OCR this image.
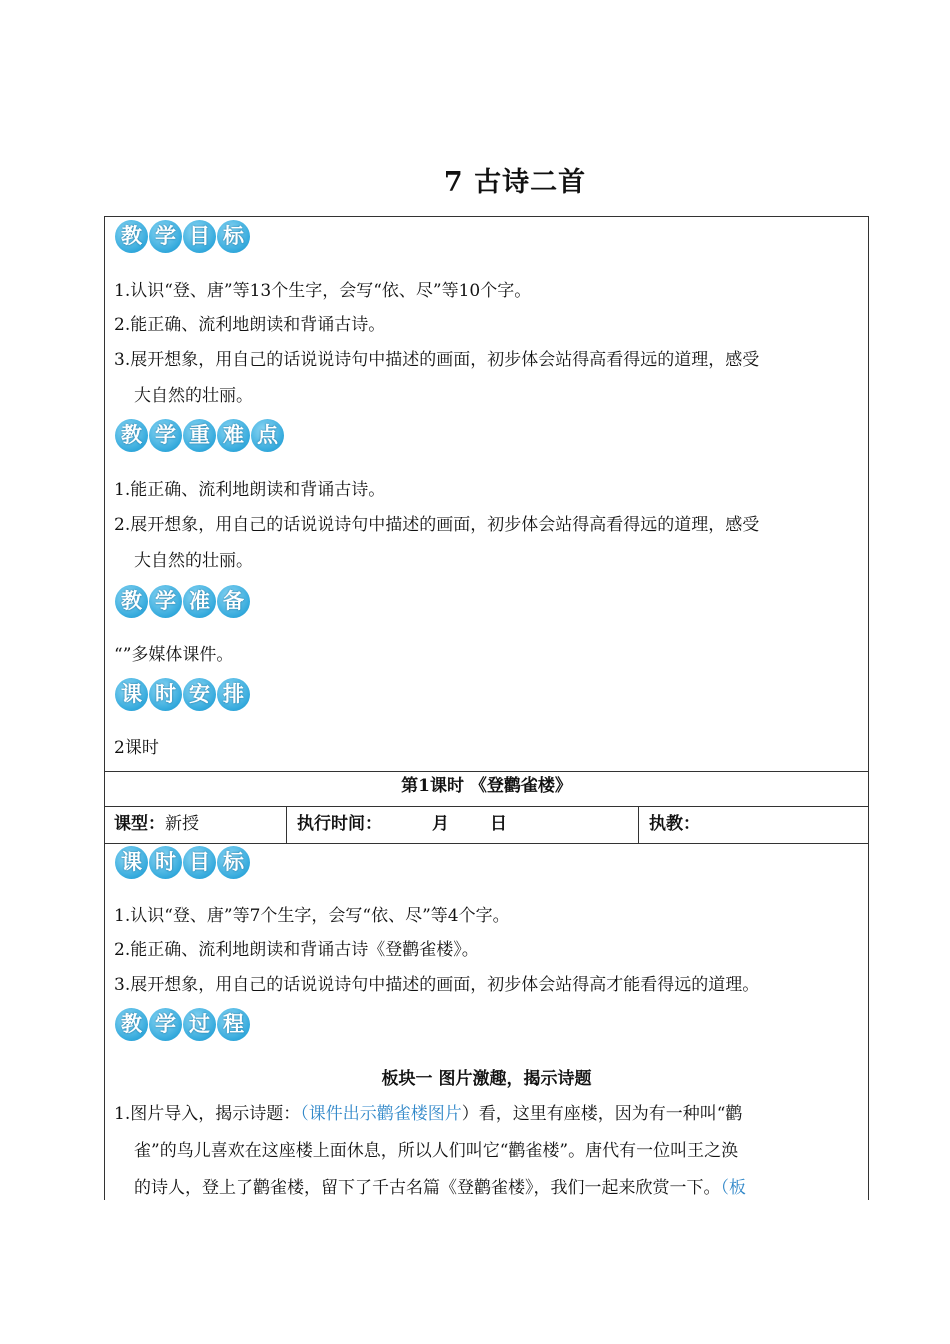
7 古诗二首
教 学 目 标
1.认识“登、唐”等13个生字，会写“依、尽”等10个字。
2.能正确、流利地朗读和背诵古诗。
3.展开想象，用自己的话说说诗句中描述的画面，初步体会站得高看得远的道理，感受
大自然的壮丽。
教 学 重 难 点
1.能正确、流利地朗读和背诵古诗。
2.展开想象，用自己的话说说诗句中描述的画面，初步体会站得高看得远的道理，感受
大自然的壮丽。
教 学 准 备
“”多媒体课件。
课 时 安 排
2课时
第1课时 《登鹳雀楼》
课型：新授	执行时间：	月 日	执教：
课 时 目 标
1.认识“登、唐”等7个生字，会写“依、尽”等4个字。
2.能正确、流利地朗读和背诵古诗《登鹳雀楼》。
3.展开想象，用自己的话说说诗句中描述的画面，初步体会站得高才能看得远的道理。
教 学 过 程
板块一 图片激趣，揭示诗题
1.图片导入，揭示诗题：（课件出示鹳雀楼图片）看，这里有座楼，因为有一种叫“鹳
雀”的鸟儿喜欢在这座楼上面休息，所以人们叫它“鹳雀楼”。唐代有一位叫王之涣
的诗人，登上了鹳雀楼，留下了千古名篇《登鹳雀楼》，我们一起来欣赏一下。（板
